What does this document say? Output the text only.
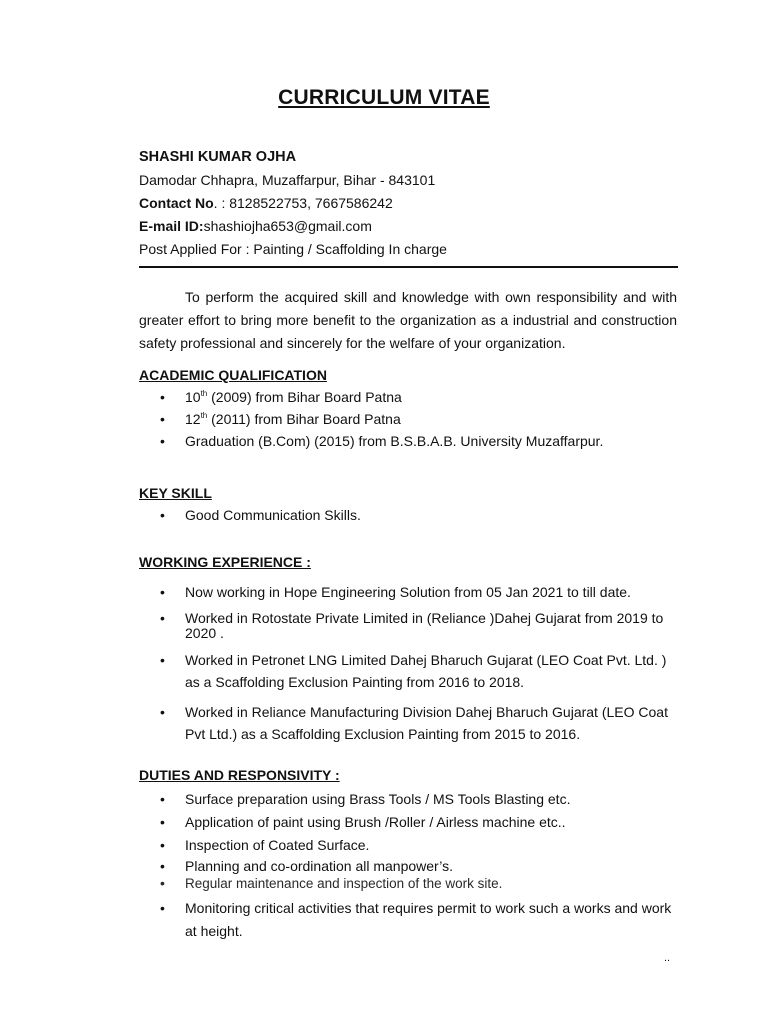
CURRICULUM VITAE
SHASHI KUMAR OJHA
Damodar Chhapra, Muzaffarpur, Bihar - 843101
Contact No. : 8128522753, 7667586242
E-mail ID:shashiojha653@gmail.com
Post Applied For : Painting / Scaffolding In charge
To perform the acquired skill and knowledge with own responsibility and with greater effort to bring more benefit to the organization as a industrial and construction safety professional and sincerely for the welfare of your organization.
ACADEMIC QUALIFICATION
• 10th (2009) from Bihar Board Patna
• 12th (2011) from Bihar Board Patna
• Graduation (B.Com) (2015) from B.S.B.A.B. University Muzaffarpur.
KEY SKILL
• Good Communication Skills.
WORKING EXPERIENCE :
• Now working in Hope Engineering Solution from 05 Jan 2021 to till date.
• Worked in Rotostate Private Limited in (Reliance )Dahej Gujarat from 2019 to 2020 .
• Worked in Petronet LNG Limited Dahej Bharuch Gujarat (LEO Coat Pvt. Ltd. ) as a Scaffolding Exclusion Painting from 2016 to 2018.
• Worked in Reliance Manufacturing Division Dahej Bharuch Gujarat (LEO Coat Pvt Ltd.) as a Scaffolding Exclusion Painting from 2015 to 2016.
DUTIES AND RESPONSIVITY :
• Surface preparation using Brass Tools / MS Tools Blasting etc.
• Application of paint using Brush /Roller / Airless machine etc..
• Inspection of Coated Surface.
• Planning and co-ordination all manpower’s.
• Regular maintenance and inspection of the work site.
• Monitoring critical activities that requires permit to work such a works and work at height.
..
